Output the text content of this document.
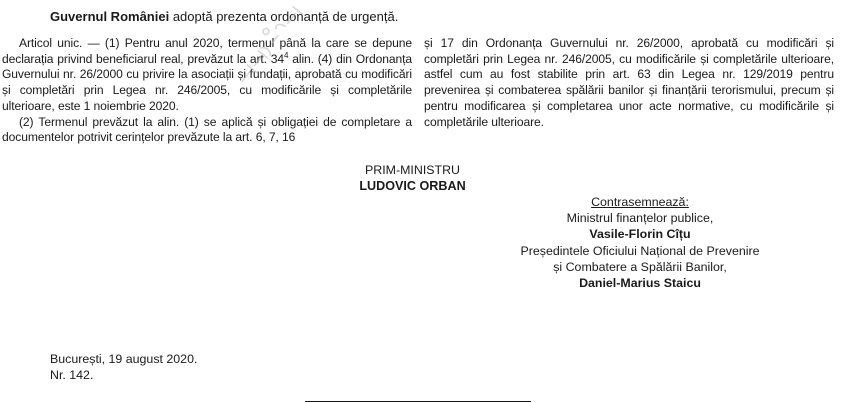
Guvernul României adoptă prezenta ordonanță de urgență.

Articol unic. — (1) Pentru anul 2020, termenul până la care se depune declarația privind beneficiarul real, prevăzut la art. $34^4$ alin. (4) din Ordonanța Guvernului nr. 26/2000 cu privire la asociații și fundații, aprobată cu modificări și completări prin Legea nr. 246/2005, cu modificările și completările ulterioare, este 1 noiembrie 2020.

(2) Termenul prevăzut la alin. (1) se aplică și obligației de completare a documentelor potrivit cerințelor prevăzute la art. 6, 7, 16

și 17 din Ordonanța Guvernului nr. 26/2000, aprobată cu modificări și completări prin Legea nr. 246/2005, cu modificările și completările ulterioare, astfel cum au fost stabilite prin art. 63 din Legea nr. 129/2019 pentru prevenirea și combaterea spălării banilor și finanțării terorismului, precum și pentru modificarea și completarea unor acte normative, cu modificările și completările ulterioare.

PRIM-MINISTRU
LUDOVIC ORBAN
Contrasemnează:
Ministrul finanțelor publice,
Vasile-Florin Cîțu
Președintele Oficiului Național de Prevenire
și Combatere a Spălării Banilor,
Daniel-Marius Staicu
București, 19 august 2020.
Nr. 142.
